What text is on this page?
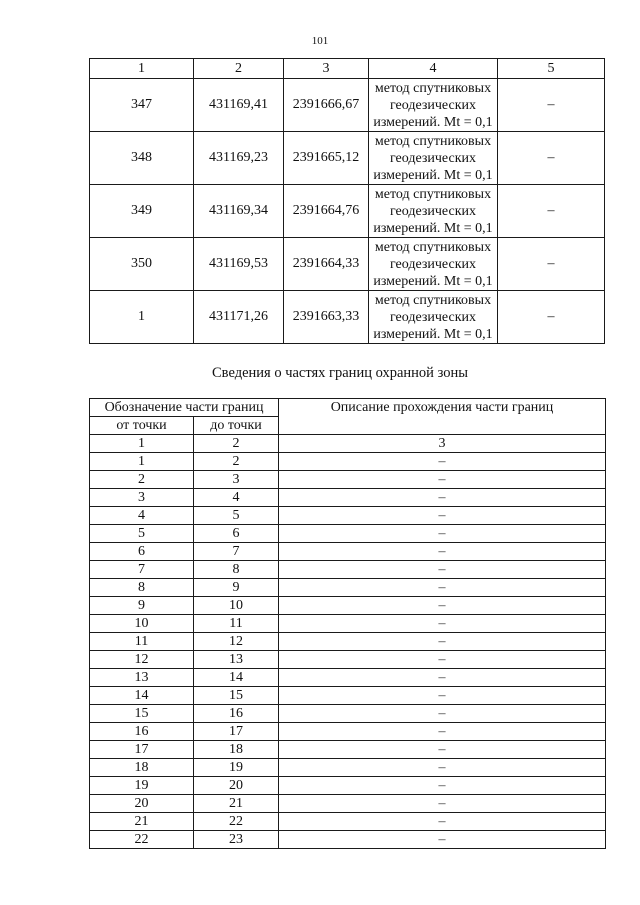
101
1	2	3	4	5
347	431169,41	2391666,67	метод спутниковых
геодезических
измерений. Mt = 0,1	–
348	431169,23	2391665,12	метод спутниковых
геодезических
измерений. Mt = 0,1	–
349	431169,34	2391664,76	метод спутниковых
геодезических
измерений. Mt = 0,1	–
350	431169,53	2391664,33	метод спутниковых
геодезических
измерений. Mt = 0,1	–
1	431171,26	2391663,33	метод спутниковых
геодезических
измерений. Mt = 0,1	–
Сведения о частях границ охранной зоны
Обозначение части границ		Описание прохождения части границ
от точки	до точки	
1	2	3
1	2	–
2	3	–
3	4	–
4	5	–
5	6	–
6	7	–
7	8	–
8	9	–
9	10	–
10	11	–
11	12	–
12	13	–
13	14	–
14	15	–
15	16	–
16	17	–
17	18	–
18	19	–
19	20	–
20	21	–
21	22	–
22	23	–
